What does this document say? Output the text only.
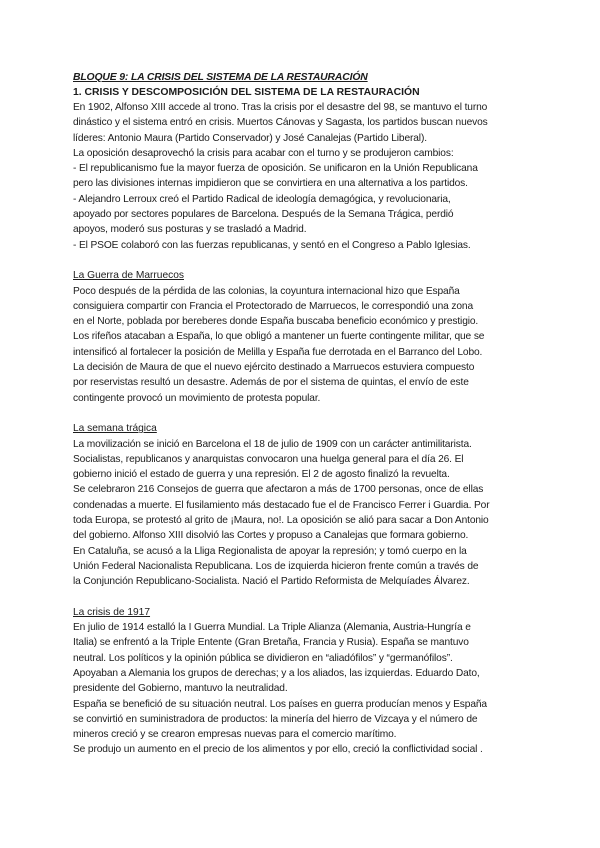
BLOQUE 9: LA CRISIS DEL SISTEMA DE LA RESTAURACIÓN

1. CRISIS Y DESCOMPOSICIÓN DEL SISTEMA DE LA RESTAURACIÓN

En 1902, Alfonso XIII accede al trono. Tras la crisis por el desastre del 98, se mantuvo el turno

dinástico y el sistema entró en crisis. Muertos Cánovas y Sagasta, los partidos buscan nuevos

líderes: Antonio Maura (Partido Conservador) y José Canalejas (Partido Liberal).

La oposición desaprovechó la crisis para acabar con el turno y se produjeron cambios:

- El republicanismo fue la mayor fuerza de oposición. Se unificaron en la Unión Republicana

pero las divisiones internas impidieron que se convirtiera en una alternativa a los partidos.

- Alejandro Lerroux creó el Partido Radical de ideología demagógica, y revolucionaria,

apoyado por sectores populares de Barcelona. Después de la Semana Trágica, perdió

apoyos, moderó sus posturas y se trasladó a Madrid.

- El PSOE colaboró con las fuerzas republicanas, y sentó en el Congreso a Pablo Iglesias.

La Guerra de Marruecos

Poco después de la pérdida de las colonias, la coyuntura internacional hizo que España

consiguiera compartir con Francia el Protectorado de Marruecos, le correspondió una zona

en el Norte, poblada por bereberes donde España buscaba beneficio económico y prestigio.

Los rifeños atacaban a España, lo que obligó a mantener un fuerte contingente militar, que se

intensificó al fortalecer la posición de Melilla y España fue derrotada en el Barranco del Lobo.

La decisión de Maura de que el nuevo ejército destinado a Marruecos estuviera compuesto

por reservistas resultó un desastre. Además de por el sistema de quintas, el envío de este

contingente provocó un movimiento de protesta popular.

La semana trágica

La movilización se inició en Barcelona el 18 de julio de 1909 con un carácter antimilitarista.

Socialistas, republicanos y anarquistas convocaron una huelga general para el día 26. El

gobierno inició el estado de guerra y una represión. El 2 de agosto finalizó la revuelta.

Se celebraron 216 Consejos de guerra que afectaron a más de 1700 personas, once de ellas

condenadas a muerte. El fusilamiento más destacado fue el de Francisco Ferrer i Guardia. Por

toda Europa, se protestó al grito de ¡Maura, no!. La oposición se alió para sacar a Don Antonio

del gobierno. Alfonso XIII disolvió las Cortes y propuso a Canalejas que formara gobierno.

En Cataluña, se acusó a la Lliga Regionalista de apoyar la represión; y tomó cuerpo en la

Unión Federal Nacionalista Republicana. Los de izquierda hicieron frente común a través de

la Conjunción Republicano-Socialista. Nació el Partido Reformista de Melquíades Álvarez.

La crisis de 1917

En julio de 1914 estalló la I Guerra Mundial. La Triple Alianza (Alemania, Austria-Hungría e

Italia) se enfrentó a la Triple Entente (Gran Bretaña, Francia y Rusia). España se mantuvo

neutral. Los políticos y la opinión pública se dividieron en “aliadófilos” y “germanófilos”.

Apoyaban a Alemania los grupos de derechas; y a los aliados, las izquierdas. Eduardo Dato,

presidente del Gobierno, mantuvo la neutralidad.

España se benefició de su situación neutral. Los países en guerra producían menos y España

se convirtió en suministradora de productos: la minería del hierro de Vizcaya y el número de

mineros creció y se crearon empresas nuevas para el comercio marítimo.

Se produjo un aumento en el precio de los alimentos y por ello, creció la conflictividad social .
